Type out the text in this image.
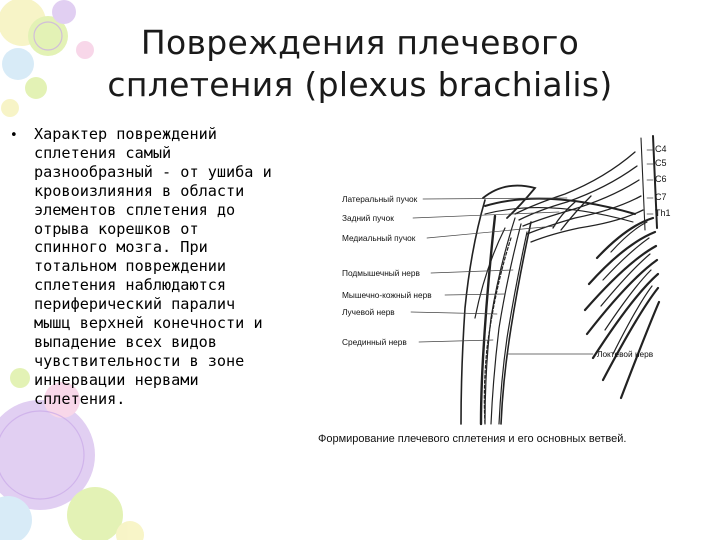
Повреждения плечевого
сплетения (plexus brachialis)
• Характер повреждений
сплетения самый
разнообразный - от ушиба и
кровоизлияния в области
элементов сплетения до
отрыва корешков от
спинного мозга. При
тотальном повреждении
сплетения наблюдаются
периферический паралич
мышц верхней конечности и
выпадение всех видов
чувствительности в зоне
иннервации нервами
сплетения.
Латеральный пучок
Задний пучок
Медиальный пучок
Подмышечный нерв
Мышечно-кожный нерв
Лучевой нерв
Срединный нерв
Локтевой нерв
C4
C5
C6
C7
Th1
Формирование плечевого сплетения и его основных ветвей.
